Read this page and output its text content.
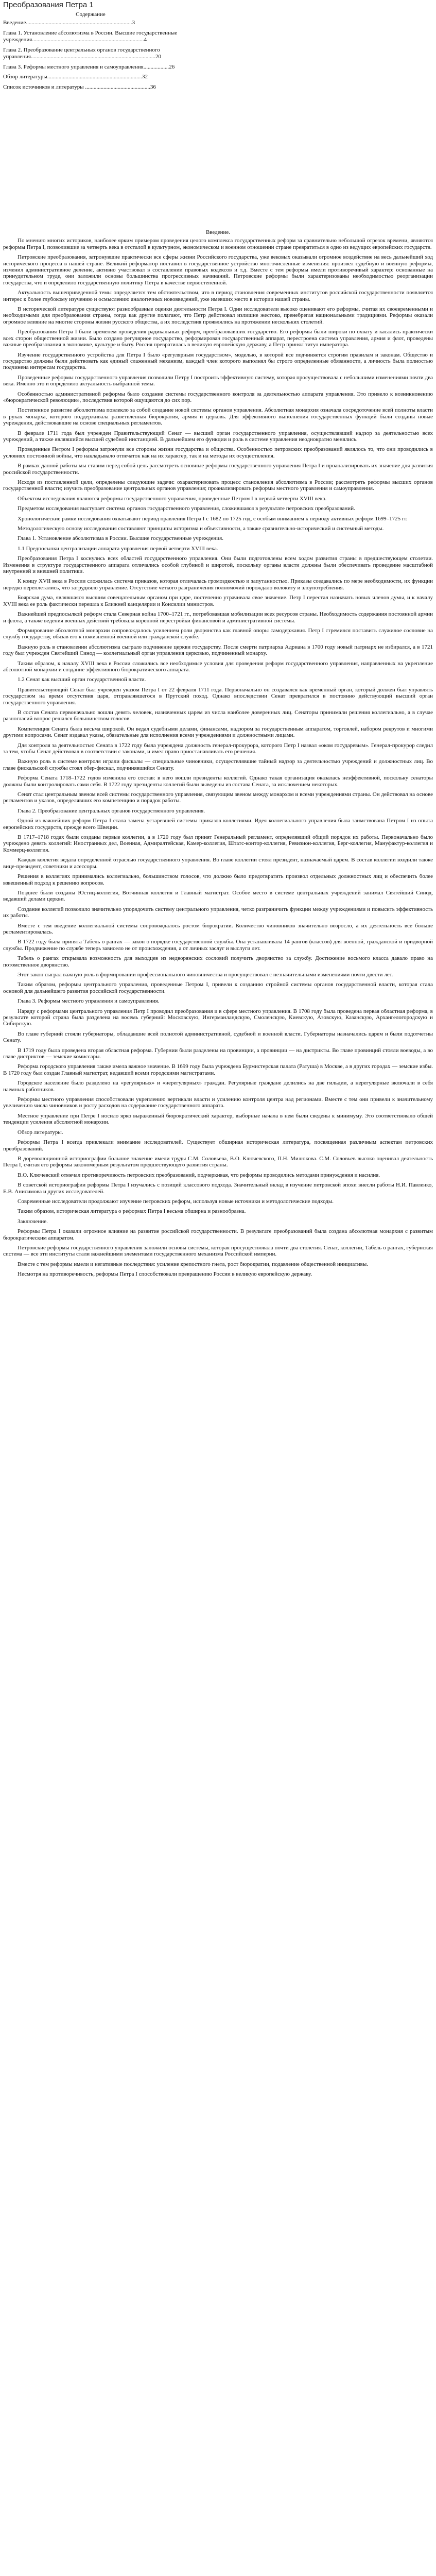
Преобразования Петра 1
Содержание
Введение...........................................................................3
Глава 1. Установление абсолютизма в России. Высшие государственные учреждения...............................................................................4
Глава 2. Преобразование центральных органов государственного управления........................................................................................20
Глава 3. Реформы местного управления и самоуправления..................26
Обзор литературы...................................................................32
Список источников и литературы ..............................................36
Введение.

По мнению многих историков, наиболее ярким примером проведения целого комплекса государственных реформ за сравнительно небольшой отрезок времени, являются реформы Петра I, позволившие за четверть века в отсталой в культурном, экономическом и военном отношении стране превратиться в одно из ведущих европейских государств.

Петровские преобразования, затронувшие практически все сферы жизни Российского государства, уже вековых оказывали огромное воздействие на весь дальнейший ход исторического процесса в нашей стране. Великий реформатор поставил в государственное устройство многочисленные изменения: произвел судебную и военную реформы, изменил административное деление, активно участвовал в составлении правовых кодексов и т.д. Вместе с тем реформы имели противоречивый характер: основанные на принудительном труде, они заложили основы большинства прогрессивных начинаний. Петровские реформы были характеризованы необходимостью реорганизации государства, что и определило государственную политику Петра в качестве первостепенной.

Актуальность вышеприведенной темы определяется тем обстоятельством, что в период становления современных институтов российской государственности появляется интерес к более глубокому изучению и осмыслению аналогичных нововведений, уже имевших место в истории нашей страны.

В исторической литературе существуют разнообразные оценки деятельности Петра I. Одни исследователи высоко оценивают его реформы, считая их своевременными и необходимыми для преобразования страны, тогда как другие полагают, что Петр действовал излишне жестоко, пренебрегая национальными традициями. Реформы оказали огромное влияние на многие стороны жизни русского общества, а их последствия проявлялись на протяжении нескольких столетий.

Преобразования Петра I были временем проведения радикальных реформ, преобразовавших государство. Его реформы были широки по охвату и касались практически всех сторон общественной жизни. Было создано регулярное государство, реформирован государственный аппарат, перестроена система управления, армия и флот, проведены важные преобразования в экономике, культуре и быту. Россия превратилась в великую европейскую державу, а Петр принял титул императора.

Изучение государственного устройства для Петра I было «регулярным государством», моделью, в которой все подчиняется строгим правилам и законам. Общество и государство должны были действовать как единый слаженный механизм, каждый член которого выполнял бы строго определенные обязанности, а личность была полностью подчинена интересам государства.

Проведенные реформы государственного управления позволили Петру I построить эффективную систему, которая просуществовала с небольшими изменениями почти два века. Именно это и определило актуальность выбранной темы.

Особенностью административной реформы было создание системы государственного контроля за деятельностью аппарата управления. Это привело к возникновению «бюрократической революции», последствия которой ощущаются до сих пор.

Постепенное развитие абсолютизма повлекло за собой создание новой системы органов управления. Абсолютная монархия означала сосредоточение всей полноты власти в руках монарха, которого поддерживала разветвленная бюрократия, армия и церковь. Для эффективного выполнения государственных функций были созданы новые учреждения, действовавшие на основе специальных регламентов.

В феврале 1711 года был учрежден Правительствующий Сенат — высший орган государственного управления, осуществлявший надзор за деятельностью всех учреждений, а также являвшийся высшей судебной инстанцией. В дальнейшем его функции и роль в системе управления неоднократно менялись.

Проведенные Петром I реформы затронули все стороны жизни государства и общества. Особенностью петровских преобразований являлось то, что они проводились в условиях постоянной войны, что накладывало отпечаток как на их характер, так и на методы их осуществления.

В рамках данной работы мы ставим перед собой цель рассмотреть основные реформы государственного управления Петра I и проанализировать их значение для развития российской государственности.

Исходя из поставленной цели, определены следующие задачи: охарактеризовать процесс становления абсолютизма в России; рассмотреть реформы высших органов государственной власти; изучить преобразование центральных органов управления; проанализировать реформы местного управления и самоуправления.

Объектом исследования являются реформы государственного управления, проведенные Петром I в первой четверти XVIII века.

Предметом исследования выступает система органов государственного управления, сложившаяся в результате петровских преобразований.

Хронологические рамки исследования охватывают период правления Петра I с 1682 по 1725 год, с особым вниманием к периоду активных реформ 1699–1725 гг.

Методологическую основу исследования составляют принципы историзма и объективности, а также сравнительно-исторический и системный методы.

Глава 1. Установление абсолютизма в России. Высшие государственные учреждения.

1.1 Предпосылки централизации аппарата управления первой четверти XVIII века.

Преобразования Петра I коснулись всех областей государственного управления. Они были подготовлены всем ходом развития страны в предшествующем столетии. Изменения в структуре государственного аппарата отличались особой глубиной и широтой, поскольку органы власти должны были обеспечивать проведение масштабной внутренней и внешней политики.

К концу XVII века в России сложилась система приказов, которая отличалась громоздкостью и запутанностью. Приказы создавались по мере необходимости, их функции нередко переплетались, что затрудняло управление. Отсутствие четкого разграничения полномочий порождало волокиту и злоупотребления.

Боярская дума, являвшаяся высшим совещательным органом при царе, постепенно утрачивала свое значение. Петр I перестал назначать новых членов думы, и к началу XVIII века ее роль фактически перешла к Ближней канцелярии и Консилии министров.

Важнейшей предпосылкой реформ стала Северная война 1700–1721 гг., потребовавшая мобилизации всех ресурсов страны. Необходимость содержания постоянной армии и флота, а также ведения военных действий требовала коренной перестройки финансовой и административной системы.

Формирование абсолютной монархии сопровождалось усилением роли дворянства как главной опоры самодержавия. Петр I стремился поставить служилое сословие на службу государству, обязав его к пожизненной военной или гражданской службе.

Важную роль в становлении абсолютизма сыграло подчинение церкви государству. После смерти патриарха Адриана в 1700 году новый патриарх не избирался, а в 1721 году был учрежден Святейший Синод — коллегиальный орган управления церковью, подчиненный монарху.

Таким образом, к началу XVIII века в России сложились все необходимые условия для проведения реформ государственного управления, направленных на укрепление абсолютной монархии и создание эффективного бюрократического аппарата.

1.2 Сенат как высший орган государственной власти.

Правительствующий Сенат был учрежден указом Петра I от 22 февраля 1711 года. Первоначально он создавался как временный орган, который должен был управлять государством на время отсутствия царя, отправлявшегося в Прутский поход. Однако впоследствии Сенат превратился в постоянно действующий высший орган государственного управления.

В состав Сената первоначально вошли девять человек, назначенных царем из числа наиболее доверенных лиц. Сенаторы принимали решения коллегиально, а в случае разногласий вопрос решался большинством голосов.

Компетенция Сената была весьма широкой. Он ведал судебными делами, финансами, надзором за государственным аппаратом, торговлей, набором рекрутов и многими другими вопросами. Сенат издавал указы, обязательные для исполнения всеми учреждениями и должностными лицами.

Для контроля за деятельностью Сената в 1722 году была учреждена должность генерал-прокурора, которого Петр I назвал «оком государевым». Генерал-прокурор следил за тем, чтобы Сенат действовал в соответствии с законами, и имел право приостанавливать его решения.

Важную роль в системе контроля играли фискалы — специальные чиновники, осуществлявшие тайный надзор за деятельностью учреждений и должностных лиц. Во главе фискальской службы стоял обер-фискал, подчинявшийся Сенату.

Реформа Сената 1718–1722 годов изменила его состав: в него вошли президенты коллегий. Однако такая организация оказалась неэффективной, поскольку сенаторы должны были контролировать сами себя. В 1722 году президенты коллегий были выведены из состава Сената, за исключением некоторых.

Сенат стал центральным звеном всей системы государственного управления, связующим звеном между монархом и всеми учреждениями страны. Он действовал на основе регламентов и указов, определявших его компетенцию и порядок работы.

Глава 2. Преобразование центральных органов государственного управления.

Одной из важнейших реформ Петра I стала замена устаревшей системы приказов коллегиями. Идея коллегиального управления была заимствована Петром I из опыта европейских государств, прежде всего Швеции.

В 1717–1718 годах были созданы первые коллегии, а в 1720 году был принят Генеральный регламент, определявший общий порядок их работы. Первоначально было учреждено девять коллегий: Иностранных дел, Военная, Адмиралтейская, Камер-коллегия, Штатс-контор-коллегия, Ревизион-коллегия, Берг-коллегия, Мануфактур-коллегия и Коммерц-коллегия.

Каждая коллегия ведала определенной отраслью государственного управления. Во главе коллегии стоял президент, назначаемый царем. В состав коллегии входили также вице-президент, советники и асессоры.

Решения в коллегиях принимались коллегиально, большинством голосов, что должно было предотвратить произвол отдельных должностных лиц и обеспечить более взвешенный подход к решению вопросов.

Позднее были созданы Юстиц-коллегия, Вотчинная коллегия и Главный магистрат. Особое место в системе центральных учреждений занимал Святейший Синод, ведавший делами церкви.

Создание коллегий позволило значительно упорядочить систему центрального управления, четко разграничить функции между учреждениями и повысить эффективность их работы.

Вместе с тем введение коллегиальной системы сопровождалось ростом бюрократии. Количество чиновников значительно возросло, а их деятельность все больше регламентировалась.

В 1722 году была принята Табель о рангах — закон о порядке государственной службы. Она устанавливала 14 рангов (классов) для военной, гражданской и придворной службы. Продвижение по службе теперь зависело не от происхождения, а от личных заслуг и выслуги лет.

Табель о рангах открывала возможность для выходцев из недворянских сословий получить дворянство за службу. Достижение восьмого класса давало право на потомственное дворянство.

Этот закон сыграл важную роль в формировании профессионального чиновничества и просуществовал с незначительными изменениями почти двести лет.

Таким образом, реформы центрального управления, проведенные Петром I, привели к созданию стройной системы органов государственной власти, которая стала основой для дальнейшего развития российской государственности.

Глава 3. Реформы местного управления и самоуправления.

Наряду с реформами центрального управления Петр I проводил преобразования и в сфере местного управления. В 1708 году была проведена первая областная реформа, в результате которой страна была разделена на восемь губерний: Московскую, Ингерманландскую, Смоленскую, Киевскую, Азовскую, Казанскую, Архангелогородскую и Сибирскую.

Во главе губерний стояли губернаторы, обладавшие всей полнотой административной, судебной и военной власти. Губернаторы назначались царем и были подотчетны Сенату.

В 1719 году была проведена вторая областная реформа. Губернии были разделены на провинции, а провинции — на дистрикты. Во главе провинций стояли воеводы, а во главе дистриктов — земские комиссары.

Реформа городского управления также имела важное значение. В 1699 году была учреждена Бурмистерская палата (Ратуша) в Москве, а в других городах — земские избы. В 1720 году был создан Главный магистрат, ведавший всеми городскими магистратами.

Городское население было разделено на «регулярных» и «нерегулярных» граждан. Регулярные граждане делились на две гильдии, а нерегулярные включали в себя наемных работников.

Реформы местного управления способствовали укреплению вертикали власти и усилению контроля центра над регионами. Вместе с тем они привели к значительному увеличению числа чиновников и росту расходов на содержание государственного аппарата.

Местное управление при Петре I носило ярко выраженный бюрократический характер, выборные начала в нем были сведены к минимуму. Это соответствовало общей тенденции усиления абсолютной монархии.

Обзор литературы.

Реформы Петра I всегда привлекали внимание исследователей. Существует обширная историческая литература, посвященная различным аспектам петровских преобразований.

В дореволюционной историографии большое значение имели труды С.М. Соловьева, В.О. Ключевского, П.Н. Милюкова. С.М. Соловьев высоко оценивал деятельность Петра I, считая его реформы закономерным результатом предшествующего развития страны.

В.О. Ключевский отмечал противоречивость петровских преобразований, подчеркивая, что реформы проводились методами принуждения и насилия.

В советской историографии реформы Петра I изучались с позиций классового подхода. Значительный вклад в изучение петровской эпохи внесли работы Н.И. Павленко, Е.В. Анисимова и других исследователей.

Современные исследователи продолжают изучение петровских реформ, используя новые источники и методологические подходы.

Таким образом, историческая литература о реформах Петра I весьма обширна и разнообразна.

Заключение.

Реформы Петра I оказали огромное влияние на развитие российской государственности. В результате преобразований была создана абсолютная монархия с развитым бюрократическим аппаратом.

Петровские реформы государственного управления заложили основы системы, которая просуществовала почти два столетия. Сенат, коллегии, Табель о рангах, губернская система — все эти институты стали важнейшими элементами государственного механизма Российской империи.

Вместе с тем реформы имели и негативные последствия: усиление крепостного гнета, рост бюрократии, подавление общественной инициативы.

Несмотря на противоречивость, реформы Петра I способствовали превращению России в великую европейскую державу.
